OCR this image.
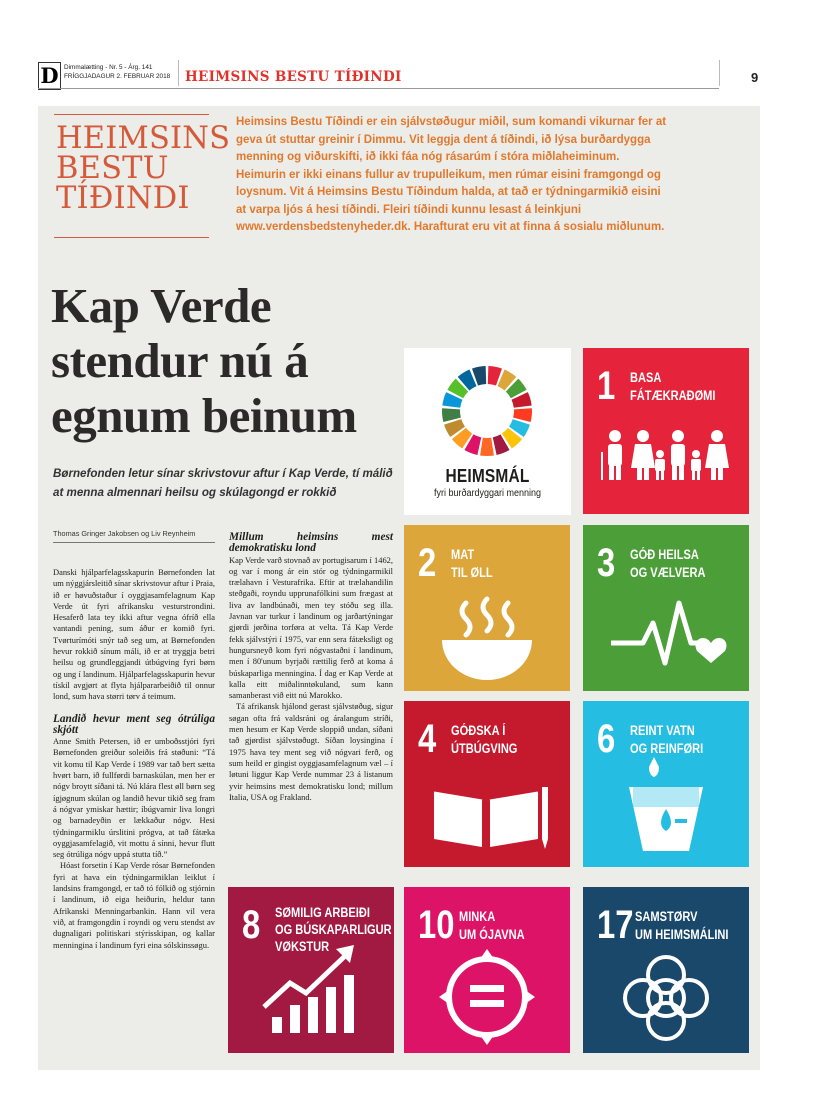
D Dimmalætting - Nr. 5 - Árg. 141
FRÍGGJADAGUR 2. FEBRUAR 2018 HEIMSINS BESTU TÍÐINDI	9
HEIMSINS
BESTU
TÍÐINDI
Heimsins Bestu Tíðindi er ein sjálvstøðugur miðil, sum komandi vikurnar fer at geva út stuttar greinir í Dimmu. Vit leggja dent á tíðindi, ið lýsa burðardygga menning og viðurskifti, ið ikki fáa nóg rásarúm í stóra miðlaheiminum. Heimurin er ikki einans fullur av trupulleikum, men rúmar eisini framgongd og loysnum. Vit á Heimsins Bestu Tíðindum halda, at tað er týdningarmikið eisini at varpa ljós á hesi tíðindi. Fleiri tíðindi kunnu lesast á leinkjuni www.verdensbedstenyheder.dk. Harafturat eru vit at finna á sosialu miðlunum.
Kap Verde stendur nú á egnum beinum
Børnefonden letur sínar skrivstovur aftur í Kap Verde, tí málið at menna almennari heilsu og skúlagongd er rokkið
Thomas Gringer Jakobsen og Liv Reynheim

Danski hjálparfelagsskapurin Børnefonden lat um nýggjársleitið sínar skrivstovur aftur í Praia, ið er høvuðstaður í oyggjasamfelagnum Kap Verde út fyri afrikansku vesturstrondini. Hesaferð lata tey ikki aftur vegna ófríð ella vantandi pening, sum áður er komið fyri. Tvørturímóti snýr tað seg um, at Børnefonden hevur rokkið sínum máli, ið er at tryggja betri heilsu og grundleggjandi útbúgving fyri børn og ung í landinum. Hjálparfelagsskapurin hevur tískil avgjørt at flyta hjálpararbeiðið til onnur lond, sum hava størri tørv á teimum.

Landið hevur ment seg ótrúliga skjótt

Anne Smith Petersen, ið er umboðsstjóri fyri Børnefonden greiður soleiðis frá støðuni: “Tá vit komu til Kap Verde í 1989 var tað bert sætta hvørt barn, ið fullførdi barnaskúlan, men her er nógv broytt síðani tá. Nú klára flest øll børn seg ígjøgnum skúlan og landið hevur tikið seg fram á nógvar ymiskar hættir; íbúgvarnir liva longri og barnadeyðin er lækkaður nógv. Hesi týdningarmiklu úrslitini prógva, at tað fátæka oyggjasamfelagið, vit mottu á sínni, hevur flutt seg ótrúliga nógv uppá stutta tíð.”

Hóast forsetin í Kap Verde rósar Børnefonden fyri at hava ein týdningarmiklan leiklut í landsins framgongd, er tað tó fólkið og stjórnin í landinum, ið eiga heiðurin, heldur tann Afrikanski Menningarbankin. Hann vil vera við, at framgongdin í royndi og veru stendst av dugnaligari politiskari stýrisskipan, og kallar menningina í landinum fyri eina sólskinssøgu.

Millum heimsins mest demokratisku lond

Kap Verde varð stovnað av portugisarum í 1462, og var í mong ár ein stór og týdningarmikil trælahavn í Vesturafrika. Eftir at trælahandilin steðgaði, royndu upprunafólkini sum frægast at liva av landbúnaði, men tey stóðu seg illa. Javnan var turkur í landinum og jarðartýningar gjørdi jørðina torføra at velta. Tá Kap Verde fekk sjálvstýri í 1975, var enn sera fátæksligt og hungursneyð kom fyri nógvastaðni í landinum, men í 80'unum byrjaði rættilig ferð at koma á búskaparliga menningina. Í dag er Kap Verde at kalla eitt miðalinntøkuland, sum kann samanberast við eitt nú Marokko.

Tá afrikansk hjálond gerast sjálvstøðug, sigur søgan ofta frá valdsráni og áralangum stríði, men hesum er Kap Verde sloppið undan, síðani tað gjørdist sjálvstøðugt. Síðan loysingina í 1975 hava tey ment seg við nógvari ferð, og sum heild er gingist oyggjasamfelagnum væl – í løtuni liggur Kap Verde nummar 23 á listanum yvir heimsins mest demokratisku lond; millum Italia, USA og Frakland.

HEIMSMÁL
fyri burðardyggari menning
1 BASA
FÁTÆKRAÐØMI
2 MAT
TIL ØLL	3 GÓÐ HEILSA
OG VÆLVERA
4 GÓÐSKA Í
ÚTBÚGVING	6 REINT VATN
OG REINFØRI
8 SØMILIG ARBEIÐI
OG BÚSKAPARLIGUR
VØKSTUR	10 MINKA
UM ÓJAVNA	17 SAMSTØRV
UM HEIMSMÁLINI
